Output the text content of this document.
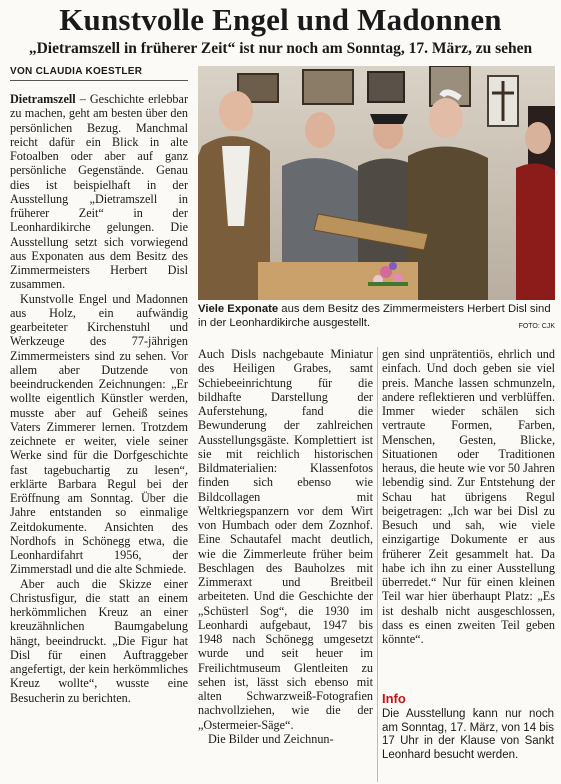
Kunstvolle Engel und Madonnen
„Dietramszell in früherer Zeit“ ist nur noch am Sonntag, 17. März, zu sehen
VON CLAUDIA KOESTLER

Dietramszell – Geschichte erlebbar zu machen, geht am besten über den persönlichen Bezug. Manchmal reicht dafür ein Blick in alte Fotoalben oder aber auf ganz persönliche Gegenstände. Genau dies ist beispielhaft in der Ausstellung „Dietramszell in früherer Zeit“ in der Leonhardikirche gelungen. Die Ausstellung setzt sich vorwiegend aus Exponaten aus dem Besitz des Zimmermeisters Herbert Disl zusammen.

Kunstvolle Engel und Madonnen aus Holz, ein aufwändig gearbeiteter Kirchenstuhl und Werkzeuge des 77-jährigen Zimmermeisters sind zu sehen. Vor allem aber Dutzende von beeindruckenden Zeichnungen: „Er wollte eigentlich Künstler werden, musste aber auf Geheiß seines Vaters Zimmerer lernen. Trotzdem zeichnete er weiter, viele seiner Werke sind für die Dorfgeschichte fast tagebuchartig zu lesen“, erklärte Barbara Regul bei der Eröffnung am Sonntag. Über die Jahre entstanden so einmalige Zeitdokumente. Ansichten des Nordhofs in Schönegg etwa, die Leonhardifahrt 1956, der Zimmerstadl und die alte Schmiede.

Aber auch die Skizze einer Christusfigur, die statt an einem herkömmlichen Kreuz an einer kreuzähnlichen Baumgabelung hängt, beeindruckt. „Die Figur hat Disl für einen Auftraggeber angefertigt, der kein herkömmliches Kreuz wollte“, wusste eine Besucherin zu berichten.

Viele Exponate aus dem Besitz des Zimmermeisters Herbert Disl sind in der Leonhardikirche ausgestellt.	FOTO: CJK

Auch Disls nachgebaute Miniatur des Heiligen Grabes, samt Schiebeeinrichtung für die bildhafte Darstellung der Auferstehung, fand die Bewunderung der zahlreichen Ausstellungsgäste. Komplettiert ist sie mit reichlich historischen Bildmaterialien: Klassenfotos finden sich ebenso wie Bildcollagen mit Weltkriegspanzern vor dem Wirt von Humbach oder dem Zoznhof. Eine Schautafel macht deutlich, wie die Zimmerleute früher beim Beschlagen des Bauholzes mit Zimmeraxt und Breitbeil arbeiteten. Und die Geschichte der „Schüsterl Sog“, die 1930 im Leonhardi aufgebaut, 1947 bis 1948 nach Schönegg umgesetzt wurde und seit heuer im Freilichtmuseum Glentleiten zu sehen ist, lässt sich ebenso mit alten Schwarzweiß-Fotografien nachvollziehen, wie die der „Ostermeier-Säge“.

Die Bilder und Zeichnun-

gen sind unprätentiös, ehrlich und einfach. Und doch geben sie viel preis. Manche lassen schmunzeln, andere reflektieren und verblüffen. Immer wieder schälen sich vertraute Formen, Farben, Menschen, Gesten, Blicke, Situationen oder Traditionen heraus, die heute wie vor 50 Jahren lebendig sind. Zur Entstehung der Schau hat übrigens Regul beigetragen: „Ich war bei Disl zu Besuch und sah, wie viele einzigartige Dokumente er aus früherer Zeit gesammelt hat. Da habe ich ihn zu einer Ausstellung überredet.“ Nur für einen kleinen Teil war hier überhaupt Platz: „Es ist deshalb nicht ausgeschlossen, dass es einen zweiten Teil geben könnte“.

Info
Die Ausstellung kann nur noch am Sonntag, 17. März, von 14 bis 17 Uhr in der Klause von Sankt Leonhard besucht werden.
